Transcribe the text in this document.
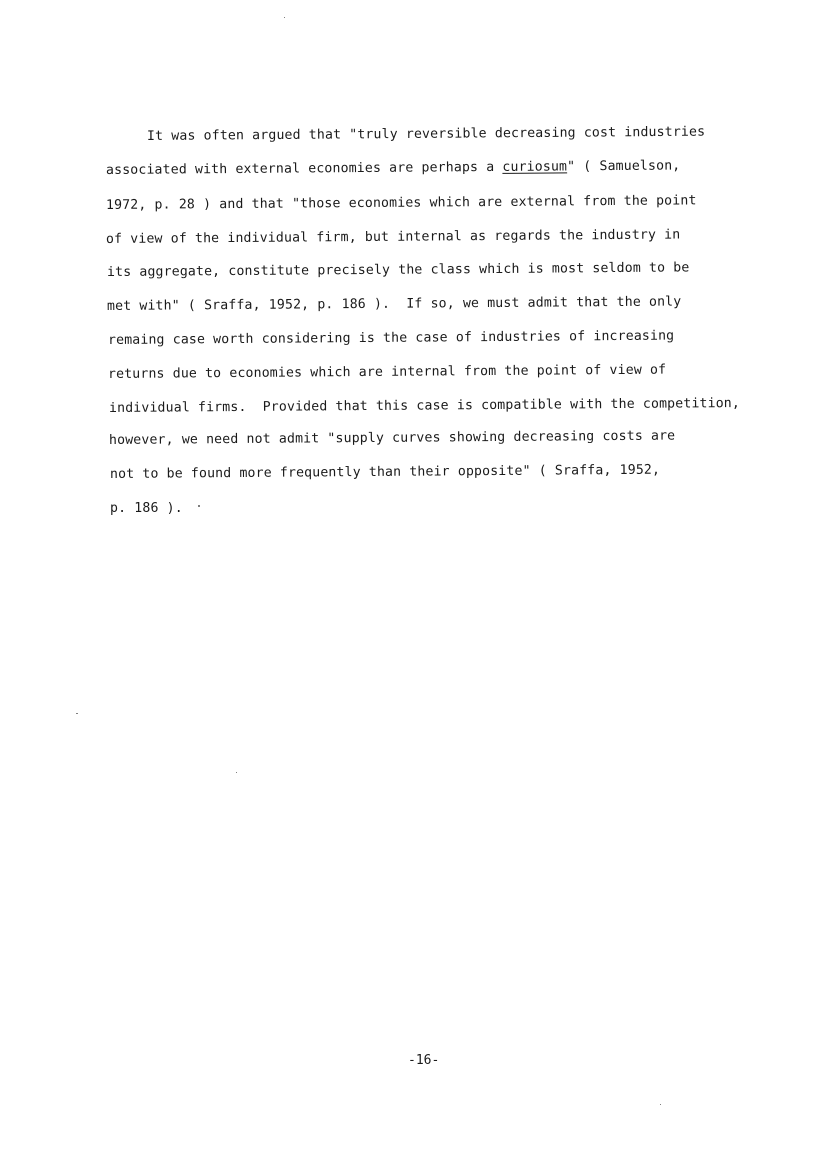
It was often argued that "truly reversible decreasing cost industries
associated with external economies are perhaps a curiosum" ( Samuelson,
1972, p. 28 ) and that "those economies which are external from the point
of view of the individual firm, but internal as regards the industry in
its aggregate, constitute precisely the class which is most seldom to be
met with" ( Sraffa, 1952, p. 186 ).  If so, we must admit that the only
remaing case worth considering is the case of industries of increasing
returns due to economies which are internal from the point of view of
individual firms.  Provided that this case is compatible with the competition,
however, we need not admit "supply curves showing decreasing costs are
not to be found more frequently than their opposite" ( Sraffa, 1952,
p. 186 ).
-16-
